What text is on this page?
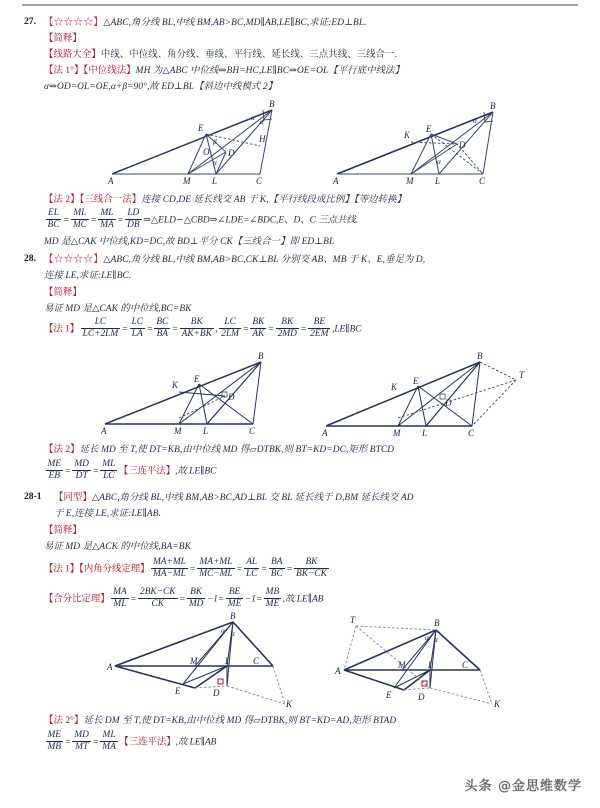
27. 【☆☆☆☆】△ABC,角分线 BL,中线 BM,AB>BC,MD∥AB,LE∥BC,求证:ED⊥BL.
【简释】
【线路大全】中线、中位线、角分线、垂线、平行线、延长线、三点共线、三线合一.
【法 1°】【中位线法】MH 为△ABC 中位线⇒BH=HC,LE∥BC⇒OE=OL【平行底中线法】
α⇒OD=OL=OE,α+β=90°,故 ED⊥BL【斜边中线模式 2】
A	M L	C
B
E
O D
H
α α
β
α
A	M L	C
B
K
E
D
α
α
【法 2】【三线合一法】连接 CD,DE 延长线交 AB 于 K,【平行线段成比例】【等边转换】
$\frac{EL}{BC} = \frac{ML}{MC} = \frac{ML}{MA} = \frac{LD}{DB}$ ⇒△ELD∽△CBD⇒∠LDE=∠BDC,E、D、C 三点共线.
MD 是△CAK 中位线,KD=DC,故 BD⊥平分 CK【三线合一】即 ED⊥BL
28. 【☆☆☆☆】△ABC,角分线 BL,中线 BM,AB>BC,CK⊥BL 分别交 AB、MB 于 K、E,垂足为 D,
连接 LE,求证:LE∥BC.
【简释】
易证 MD 是△CAK 的中位线,BC=BK
【法 1】 $\frac{LC}{LC+2LM} = \frac{LC}{LA} = \frac{BC}{BA} = \frac{BK}{AK+BK}$ , $\frac{LC}{2LM} = \frac{BK}{AK} = \frac{BK}{2MD} = \frac{BE}{2EM}$ ,LE∥BC
A	M L	C
B
K
E
D
A	M L	C
B
K
E
D
T
【法 2】延长 MD 至 T,使 DT=KB,由中位线 MD 得▱DTBK,则 BT=KD=DC,矩形 BTCD
$\frac{ME}{EB} = \frac{MD}{DT} = \frac{ML}{LC}$ 【三连平法】,故 LE∥BC
28-1 【同型】△ABC,角分线 BL,中线 BM,AB>BC,AD⊥BL 交 BL 延长线于 D,BM 延长线交 AD
于 E,连接 LE,求证:LE∥AB.
【简释】
易证 MD 是△ACK 的中位线,BA=BK
【法 1】【内角分线定理】 $\frac{MA+ML}{MA-ML} = \frac{MA+ML}{MC-ML} = \frac{AL}{LC} = \frac{BA}{BC} = \frac{BK}{BK-CK}$
【合分比定理】 $\frac{MA}{ML} = \frac{2BK-CK}{CK} = \frac{BK}{MD} -1= \frac{BE}{ME} -1= \frac{MB}{ME}$ ,故 LE∥AB
A
M	L	C
B
E	D
K
α α
A
M	L	C
B
E	D
K
T
α α
【法 2°】延长 DM 至 T,使 DT=KB,由中位线 MD 得▱DTBK,则 BT=KD=AD,矩形 BTAD
$\frac{ME}{MB} = \frac{MD}{MT} = \frac{ML}{MA}$ 【三连平法】,故 LE∥AB
头条 @金思维数学
